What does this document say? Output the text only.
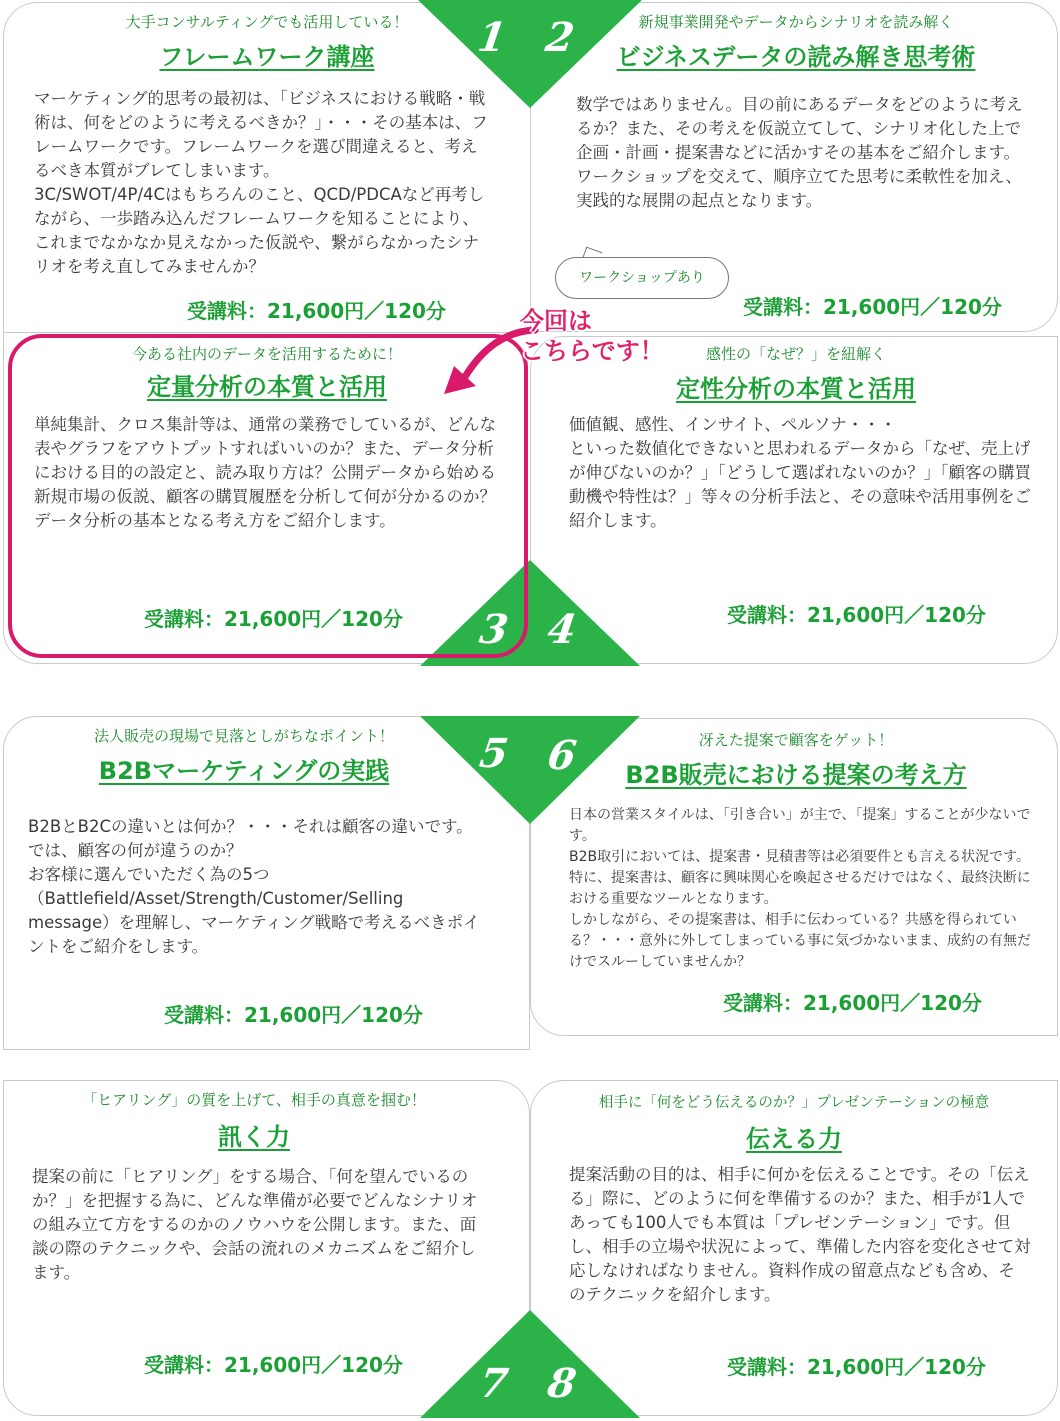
大手コンサルティングでも活用している！
フレームワーク講座
マーケティング的思考の最初は、「ビジネスにおける戦略・戦術は、何をどのように考えるべきか？」・・・その基本は、フレームワークです。フレームワークを選び間違えると、考えるべき本質がブレてしまいます。
3C/SWOT/4P/4Cはもちろんのこと、QCD/PDCAなど再考しながら、一歩踏み込んだフレームワークを知ることにより、これまでなかなか見えなかった仮説や、繋がらなかったシナリオを考え直してみませんか？
受講料：21,600円／120分
新規事業開発やデータからシナリオを読み解く
ビジネスデータの読み解き思考術
数学ではありません。目の前にあるデータをどのように考えるか？また、その考えを仮説立てして、シナリオ化した上で企画・計画・提案書などに活かすその基本をご紹介します。
ワークショップを交えて、順序立てた思考に柔軟性を加え、実践的な展開の起点となります。
ワークショップあり
受講料：21,600円／120分
今ある社内のデータを活用するために！
定量分析の本質と活用
単純集計、クロス集計等は、通常の業務でしているが、どんな表やグラフをアウトプットすればいいのか？また、データ分析における目的の設定と、読み取り方は？公開データから始める新規市場の仮説、顧客の購買履歴を分析して何が分かるのか？データ分析の基本となる考え方をご紹介します。
受講料：21,600円／120分
感性の「なぜ？」を紐解く
定性分析の本質と活用
価値観、感性、インサイト、ペルソナ・・・
といった数値化できないと思われるデータから「なぜ、売上げが伸びないのか？」「どうして選ばれないのか？」「顧客の購買動機や特性は？」等々の分析手法と、その意味や活用事例をご紹介します。
受講料：21,600円／120分
法人販売の現場で見落としがちなポイント！
B2Bマーケティングの実践
B2BとB2Cの違いとは何か？・・・それは顧客の違いです。では、顧客の何が違うのか？
お客様に選んでいただく為の5つ（Battlefield/Asset/Strength/Customer/Selling message）を理解し、マーケティング戦略で考えるべきポイントをご紹介をします。
受講料：21,600円／120分
冴えた提案で顧客をゲット！
B2B販売における提案の考え方
日本の営業スタイルは、「引き合い」が主で、「提案」することが少ないです。
B2B取引においては、提案書・見積書等は必須要件とも言える状況です。特に、提案書は、顧客に興味関心を喚起させるだけではなく、最終決断における重要なツールとなります。
しかしながら、その提案書は、相手に伝わっている？共感を得られている？・・・意外に外してしまっている事に気づかないまま、成約の有無だけでスルーしていませんか？
受講料：21,600円／120分
「ヒアリング」の質を上げて、相手の真意を掴む！
訊く力
提案の前に「ヒアリング」をする場合、「何を望んでいるのか？」を把握する為に、どんな準備が必要でどんなシナリオの組み立て方をするのかのノウハウを公開します。また、面談の際のテクニックや、会話の流れのメカニズムをご紹介します。
受講料：21,600円／120分
相手に「何をどう伝えるのか？」プレゼンテーションの極意
伝える力
提案活動の目的は、相手に何かを伝えることです。その「伝える」際に、どのように何を準備するのか？また、相手が1人であっても100人でも本質は「プレゼンテーション」です。但し、相手の立場や状況によって、準備した内容を変化させて対応しなければなりません。資料作成の留意点なども含め、そのテクニックを紹介します。
受講料：21,600円／120分
1 2
3 4
5 6
7 8
今回は
こちらです！
